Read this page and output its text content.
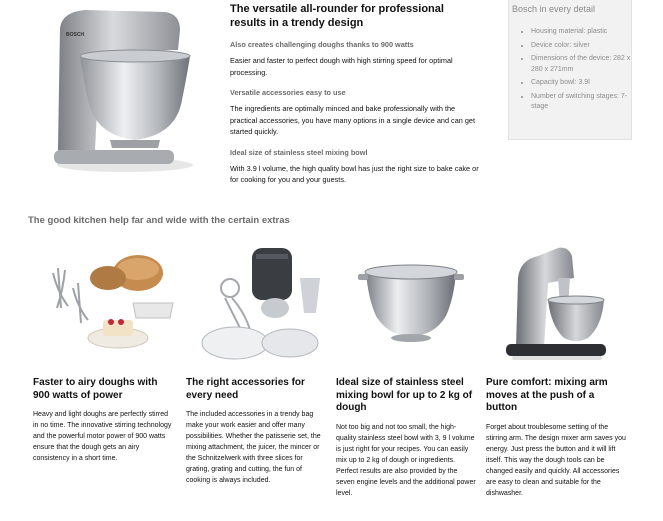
BOSCH
The versatile all-rounder for professional results in a trendy design

Also creates challenging doughs thanks to 900 watts

Easier and faster to perfect dough with high stirring speed for optimal processing.

Versatile accessories easy to use

The ingredients are optimally minced and bake professionally with the practical accessories, you have many options in a single device and can get started quickly.

Ideal size of stainless steel mixing bowl

With 3.9 l volume, the high quality bowl has just the right size to bake cake or for cooking for you and your guests.

Bosch in every detail
• Housing material: plastic
• Device color: silver
• Dimensions of the device: 282 x 280 x 271mm
• Capacity bowl: 3.9l
• Number of switching stages: 7-stage
The good kitchen help far and wide with the certain extras
Faster to airy doughs with 900 watts of power

Heavy and light doughs are perfectly stirred in no time. The innovative stirring technology and the powerful motor power of 900 watts ensure that the dough gets an airy consistency in a short time.

The right accessories for every need

The included accessories in a trendy bag make your work easier and offer many possibilities. Whether the patisserie set, the mixing attachment, the juicer, the mincer or the Schnitzelwerk with three slices for grating, grating and cutting, the fun of cooking is always included.

Ideal size of stainless steel mixing bowl for up to 2 kg of dough

Not too big and not too small, the high-quality stainless steel bowl with 3, 9 l volume is just right for your recipes. You can easily mix up to 2 kg of dough or ingredients. Perfect results are also provided by the seven engine levels and the additional power level.

Pure comfort: mixing arm moves at the push of a button

Forget about troublesome setting of the stirring arm. The design mixer arm saves you energy. Just press the button and it will lift itself. This way the dough tools can be changed easily and quickly. All accessories are easy to clean and suitable for the dishwasher.
